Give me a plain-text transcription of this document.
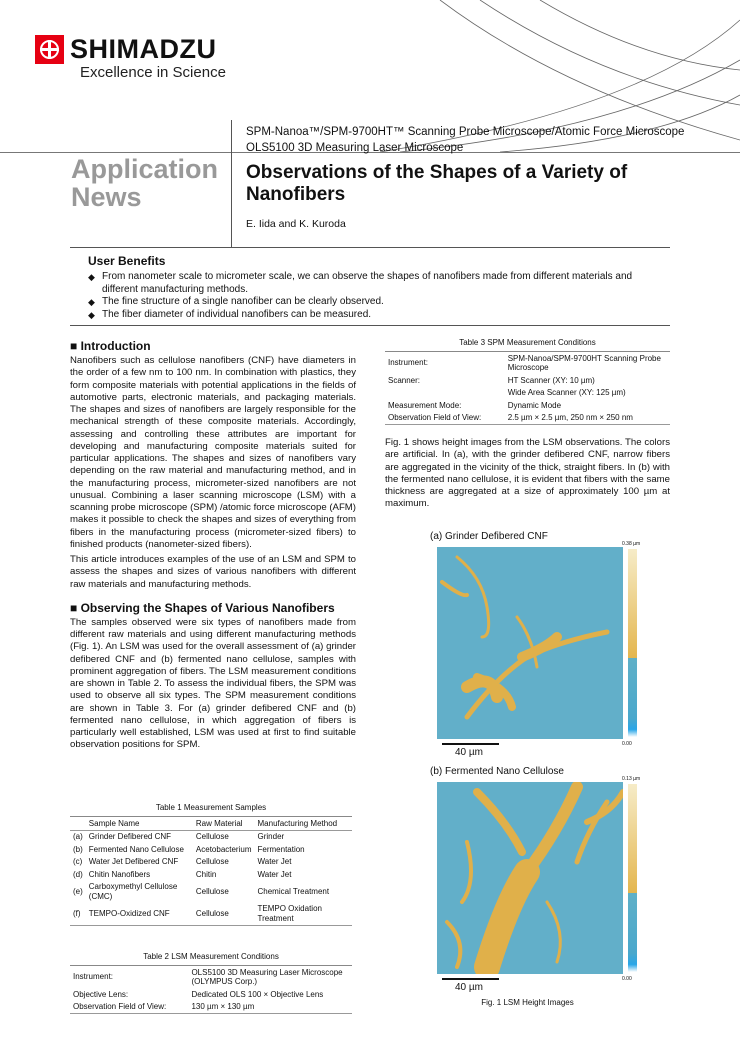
SHIMADZU
Excellence in Science
Application News
SPM-Nanoa™/SPM-9700HT™ Scanning Probe Microscope/Atomic Force Microscope
OLS5100 3D Measuring Laser Microscope
Observations of the Shapes of a Variety of Nanofibers
E. Iida and K. Kuroda
User Benefits
◆ From nanometer scale to micrometer scale, we can observe the shapes of nanofibers made from different materials and different manufacturing methods.
◆ The fine structure of a single nanofiber can be clearly observed.
◆ The fiber diameter of individual nanofibers can be measured.
■ Introduction

Nanofibers such as cellulose nanofibers (CNF) have diameters in the order of a few nm to 100 nm. In combination with plastics, they form composite materials with potential applications in the fields of automotive parts, electronic materials, and packaging materials. The shapes and sizes of nanofibers are largely responsible for the mechanical strength of these composite materials. Accordingly, assessing and controlling these attributes are important for developing and manufacturing composite materials suited for particular applications. The shapes and sizes of nanofibers vary depending on the raw material and manufacturing method, and in the manufacturing process, micrometer-sized nanofibers are not unusual. Combining a laser scanning microscope (LSM) with a scanning probe microscope (SPM) /atomic force microscope (AFM) makes it possible to check the shapes and sizes of everything from fibers in the manufacturing process (micrometer-sized fibers) to finished products (nanometer-sized fibers).

This article introduces examples of the use of an LSM and SPM to assess the shapes and sizes of various nanofibers with different raw materials and manufacturing methods.

■ Observing the Shapes of Various Nanofibers

The samples observed were six types of nanofibers made from different raw materials and using different manufacturing methods (Fig. 1). An LSM was used for the overall assessment of (a) grinder defibered CNF and (b) fermented nano cellulose, samples with prominent aggregation of fibers. The LSM measurement conditions are shown in Table 2. To assess the individual fibers, the SPM was used to observe all six types. The SPM measurement conditions are shown in Table 3. For (a) grinder defibered CNF and (b) fermented nano cellulose, in which aggregation of fibers is particularly well established, LSM was used at first to find suitable observation positions for SPM.

Table 1 Measurement Samples
	Sample Name	Raw Material	Manufacturing Method
(a)	Grinder Defibered CNF	Cellulose	Grinder
(b)	Fermented Nano Cellulose	Acetobacterium	Fermentation
(c)	Water Jet Defibered CNF	Cellulose	Water Jet
(d)	Chitin Nanofibers	Chitin	Water Jet
(e)	Carboxymethyl Cellulose (CMC)	Cellulose	Chemical Treatment
(f)	TEMPO-Oxidized CNF	Cellulose	TEMPO Oxidation Treatment
Table 2 LSM Measurement Conditions
Instrument:	OLS5100 3D Measuring Laser Microscope (OLYMPUS Corp.)
Objective Lens:	Dedicated OLS 100 × Objective Lens
Observation Field of View:	130 µm × 130 µm
Table 3 SPM Measurement Conditions
Instrument:	SPM-Nanoa/SPM-9700HT Scanning Probe Microscope
Scanner:	HT Scanner (XY: 10 µm)
	Wide Area Scanner (XY: 125 µm)
Measurement Mode:	Dynamic Mode
Observation Field of View:	2.5 µm × 2.5 µm, 250 nm × 250 nm
Fig. 1 shows height images from the LSM observations. The colors are artificial. In (a), with the grinder defibered CNF, narrow fibers are aggregated in the vicinity of the thick, straight fibers. In (b) with the fermented nano cellulose, it is evident that fibers with the same thickness are aggregated at a size of approximately 100 µm at maximum.
(a) Grinder Defibered CNF
0.38 µm
0.00
40 µm
(b) Fermented Nano Cellulose
0.13 µm
0.00
40 µm
Fig. 1 LSM Height Images
